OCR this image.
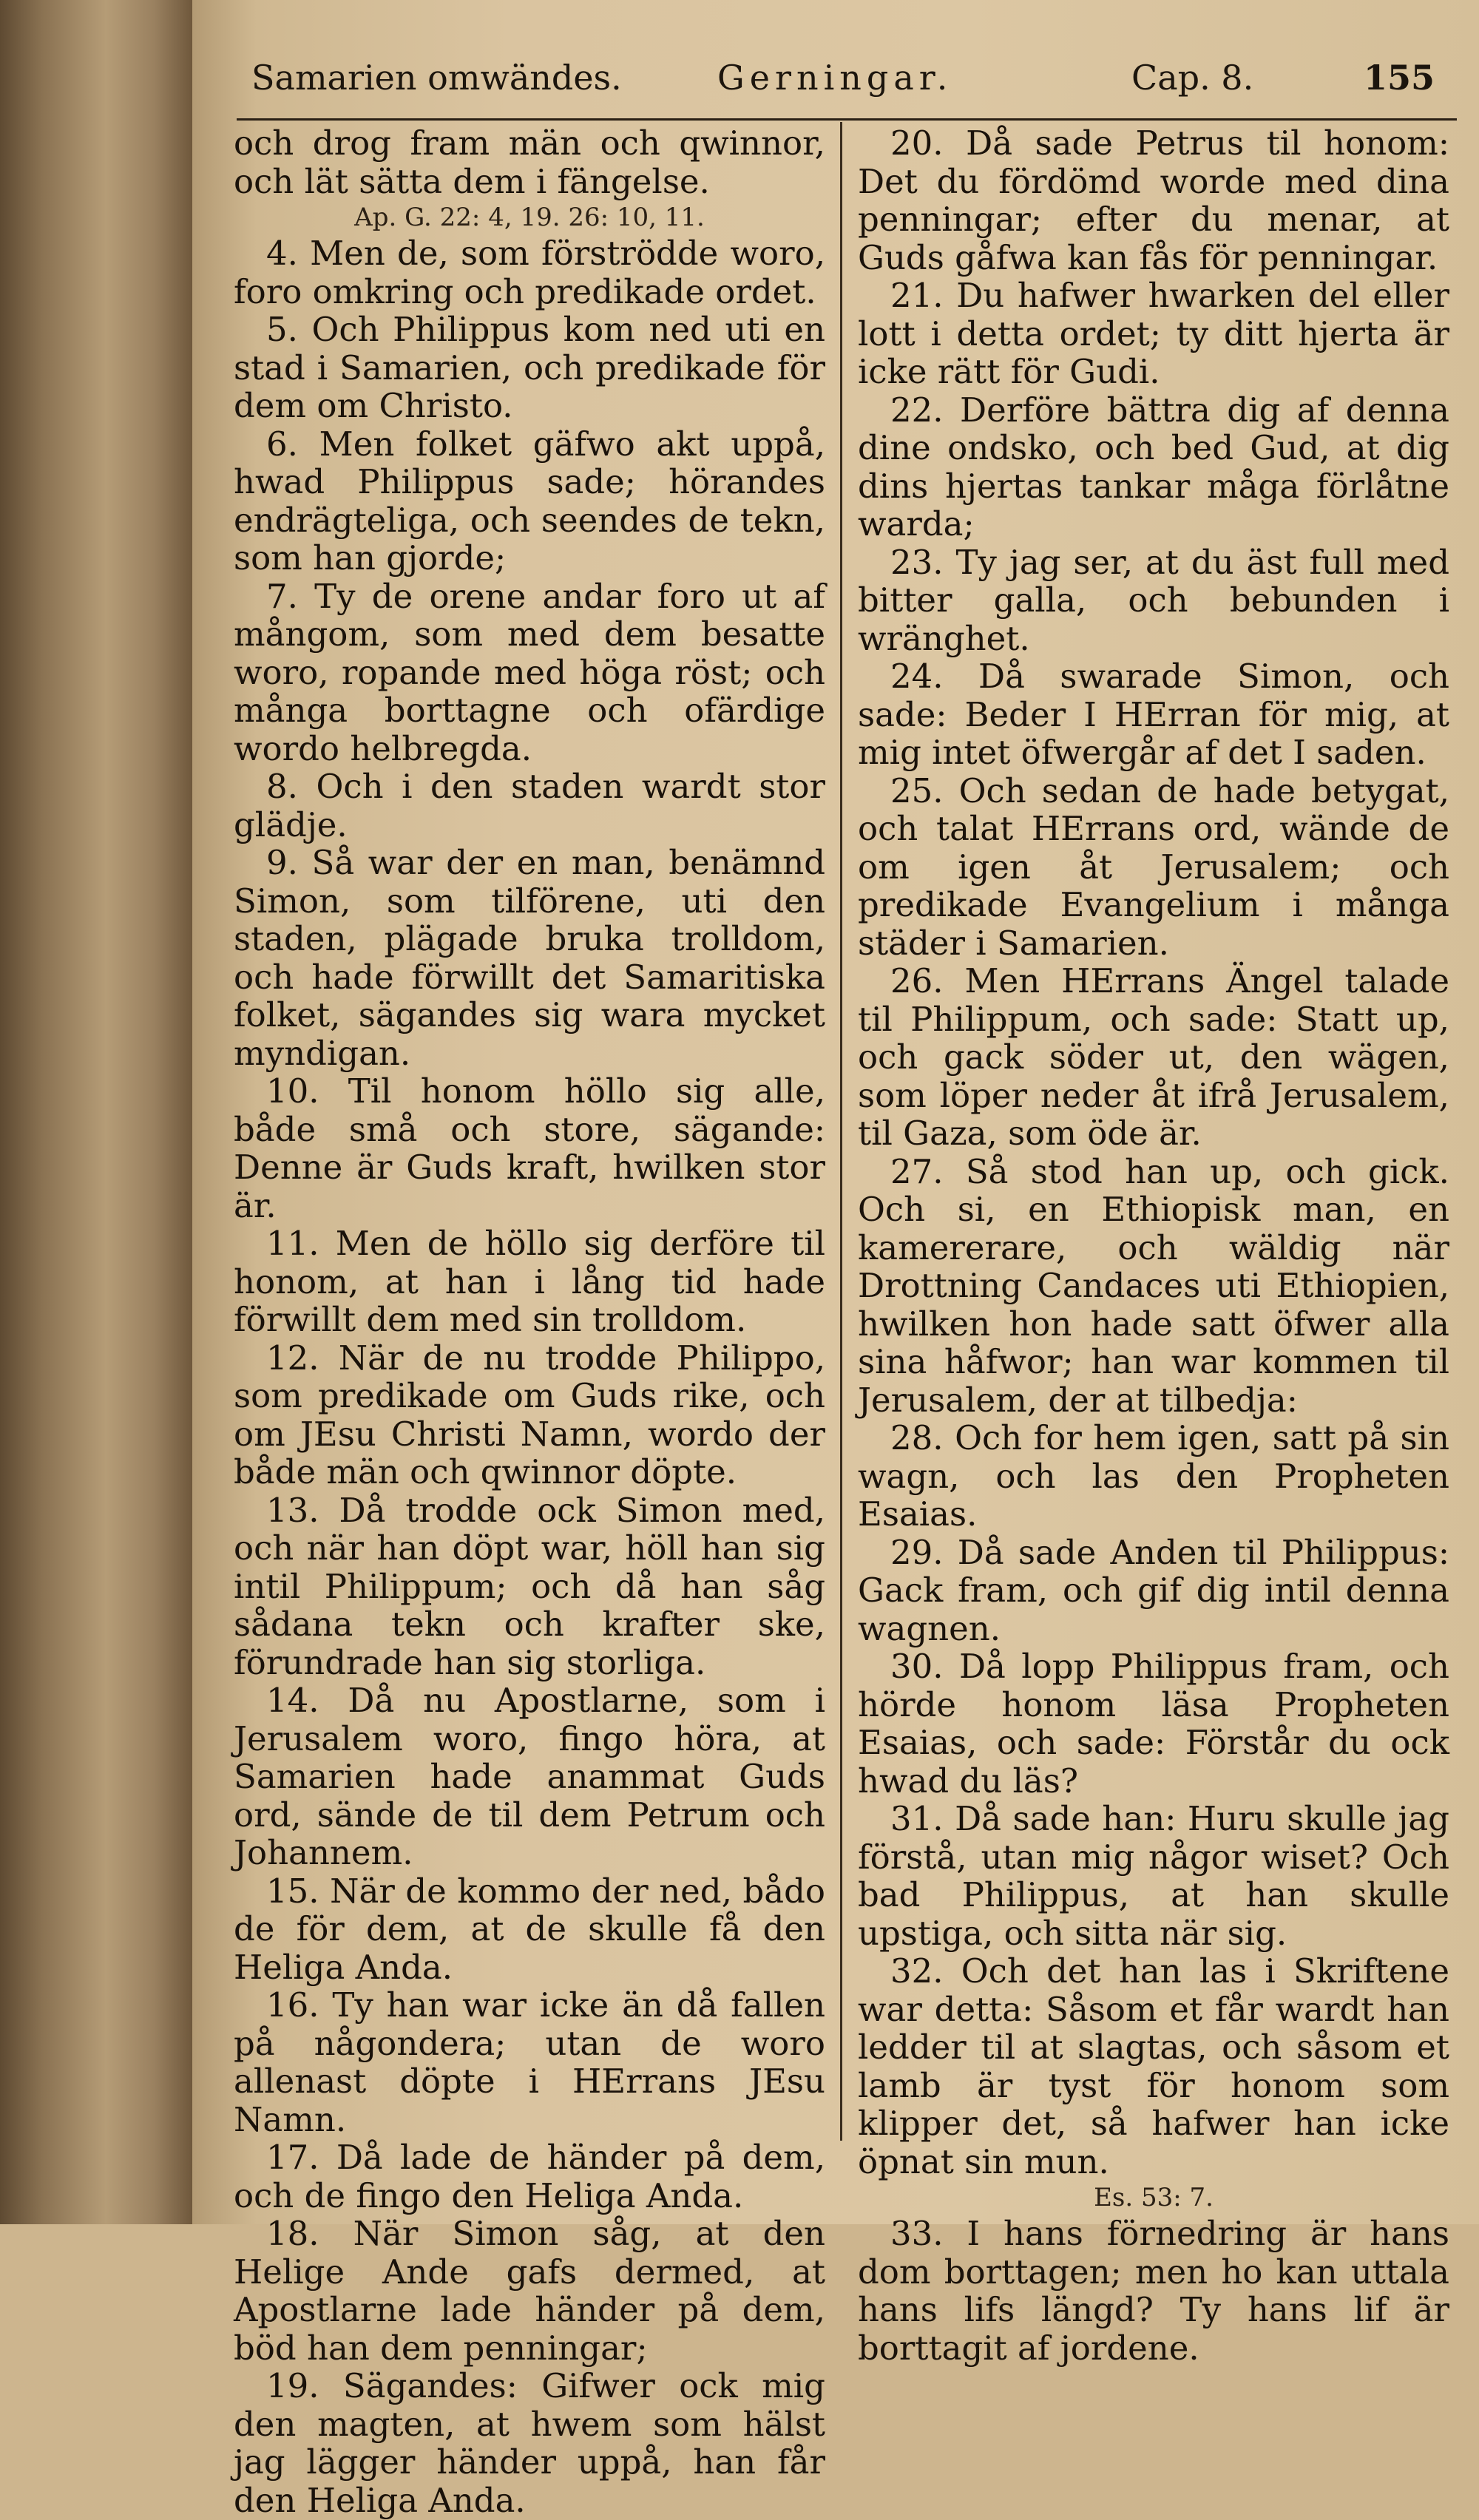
Samarien omwändes.	Gerningar.	Cap. 8.	155

och drog fram män och qwinnor, och lät sätta dem i fängelse.

Ap. G. 22: 4, 19. 26: 10, 11.

4. Men de, som förströdde woro, foro omkring och predikade ordet.

5. Och Philippus kom ned uti en stad i Samarien, och predikade för dem om Christo.

6. Men folket gäfwo akt uppå, hwad Philippus sade; hörandes endrägteliga, och seendes de tekn, som han gjorde;

7. Ty de orene andar foro ut af mångom, som med dem besatte woro, ropande med höga röst; och många borttagne och ofärdige wordo helbregda.

8. Och i den staden wardt stor glädje.

9. Så war der en man, benämnd Simon, som tilförene, uti den staden, plägade bruka trolldom, och hade förwillt det Samaritiska folket, sägandes sig wara mycket myndigan.

10. Til honom höllo sig alle, både små och store, sägande: Denne är Guds kraft, hwilken stor är.

11. Men de höllo sig derföre til honom, at han i lång tid hade förwillt dem med sin trolldom.

12. När de nu trodde Philippo, som predikade om Guds rike, och om JEsu Christi Namn, wordo der både män och qwinnor döpte.

13. Då trodde ock Simon med, och när han döpt war, höll han sig intil Philippum; och då han såg sådana tekn och krafter ske, förundrade han sig storliga.

14. Då nu Apostlarne, som i Jerusalem woro, fingo höra, at Samarien hade anammat Guds ord, sände de til dem Petrum och Johannem.

15. När de kommo der ned, bådo de för dem, at de skulle få den Heliga Anda.

16. Ty han war icke än då fallen på någondera; utan de woro allenast döpte i HErrans JEsu Namn.

17. Då lade de händer på dem, och de fingo den Heliga Anda.

18. När Simon såg, at den Helige Ande gafs dermed, at Apostlarne lade händer på dem, böd han dem penningar;

19. Sägandes: Gifwer ock mig den magten, at hwem som hälst jag lägger händer uppå, han får den Heliga Anda.

20. Då sade Petrus til honom: Det du fördömd worde med dina penningar; efter du menar, at Guds gåfwa kan fås för penningar.

21. Du hafwer hwarken del eller lott i detta ordet; ty ditt hjerta är icke rätt för Gudi.

22. Derföre bättra dig af denna dine ondsko, och bed Gud, at dig dins hjertas tankar måga förlåtne warda;

23. Ty jag ser, at du äst full med bitter galla, och bebunden i wränghet.

24. Då swarade Simon, och sade: Beder I HErran för mig, at mig intet öfwergår af det I saden.

25. Och sedan de hade betygat, och talat HErrans ord, wände de om igen åt Jerusalem; och predikade Evangelium i många städer i Samarien.

26. Men HErrans Ängel talade til Philippum, och sade: Statt up, och gack söder ut, den wägen, som löper neder åt ifrå Jerusalem, til Gaza, som öde är.

27. Så stod han up, och gick. Och si, en Ethiopisk man, en kamererare, och wäldig när Drottning Candaces uti Ethiopien, hwilken hon hade satt öfwer alla sina håfwor; han war kommen til Jerusalem, der at tilbedja:

28. Och for hem igen, satt på sin wagn, och las den Propheten Esaias.

29. Då sade Anden til Philippus: Gack fram, och gif dig intil denna wagnen.

30. Då lopp Philippus fram, och hörde honom läsa Propheten Esaias, och sade: Förstår du ock hwad du läs?

31. Då sade han: Huru skulle jag förstå, utan mig någor wiset? Och bad Philippus, at han skulle upstiga, och sitta när sig.

32. Och det han las i Skriftene war detta: Såsom et får wardt han ledder til at slagtas, och såsom et lamb är tyst för honom som klipper det, så hafwer han icke öpnat sin mun.

Es. 53: 7.

33. I hans förnedring är hans dom borttagen; men ho kan uttala hans lifs längd? Ty hans lif är borttagit af jordene.
